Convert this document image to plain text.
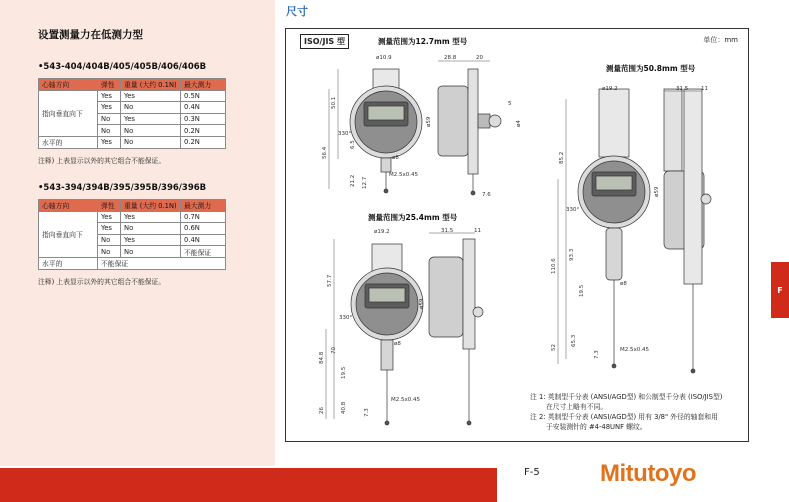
设置测量力在低测力型
•543-404/404B/405/405B/406/406B
心轴方向	弹性	重量 (大约 0.1N)	最大测力
指向垂直向下	Yes	Yes	0.5N
	Yes	No	0.4N
	No	Yes	0.3N
	No	No	0.2N
水平的	Yes	No	0.2N
注释) 上表显示以外的其它组合不能保证。
•543-394/394B/395/395B/396/396B
心轴方向	弹性	重量 (大约 0.1N)	最大测力
指向垂直向下	Yes	Yes	0.7N
	Yes	No	0.6N
	No	Yes	0.4N
	No	No	不能保证
水平的	不能保证		
注释) 上表显示以外的其它组合不能保证。
尺寸
ISO/JIS 型	单位：mm
测量范围为12.7mm 型号
测量范围为25.4mm 型号
测量范围为50.8mm 型号
ø10.9	28.8	20
50.1
56.4
6.5
21.2 12.7
330°
ø59
ø8
M2.5x0.45
7.6
5
ø4
ø19.2	31.5	11
57.7
84.8
70
19.5
26	40.8	7.3
330°
ø59
ø8
M2.5x0.45
ø19.2	31.5 11
85.2
110.6
93.3
19.5
52
65.3
7.3
330°
ø59
ø8
M2.5x0.45
注 1: 英制型千分表 (ANSI/AGD型) 和公制型千分表 (ISO/JIS型)
在尺寸上略有不同。
注 2: 英制型千分表 (ANSI/AGD型) 用有 3/8" 外径的轴套和用
于安装测针的 #4-48UNF 螺纹。
F
F-5	Mitutoyo
